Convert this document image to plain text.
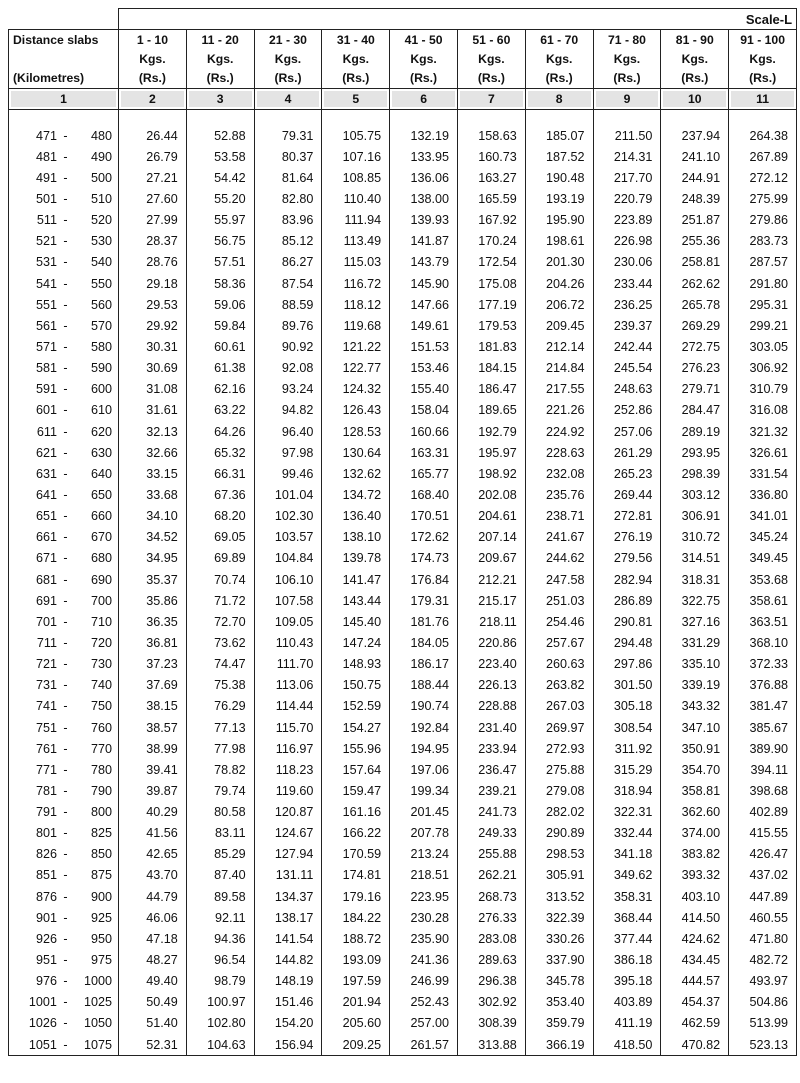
	Scale-L									
Distance slabs	1 - 10	11 - 20	21 - 30	31 - 40	41 - 50	51 - 60	61 - 70	71 - 80	81 - 90	91 - 100
	Kgs.	Kgs.	Kgs.	Kgs.	Kgs.	Kgs.	Kgs.	Kgs.	Kgs.	Kgs.
(Kilometres)	(Rs.)	(Rs.)	(Rs.)	(Rs.)	(Rs.)	(Rs.)	(Rs.)	(Rs.)	(Rs.)	(Rs.)
1	2	3	4	5	6	7	8	9	10	11

471 - 480	26.44	52.88	79.31	105.75	132.19	158.63	185.07	211.50	237.94	264.38

481 - 490	26.79	53.58	80.37	107.16	133.95	160.73	187.52	214.31	241.10	267.89

491 - 500	27.21	54.42	81.64	108.85	136.06	163.27	190.48	217.70	244.91	272.12

501 - 510	27.60	55.20	82.80	110.40	138.00	165.59	193.19	220.79	248.39	275.99

511 - 520	27.99	55.97	83.96	111.94	139.93	167.92	195.90	223.89	251.87	279.86

521 - 530	28.37	56.75	85.12	113.49	141.87	170.24	198.61	226.98	255.36	283.73

531 - 540	28.76	57.51	86.27	115.03	143.79	172.54	201.30	230.06	258.81	287.57

541 - 550	29.18	58.36	87.54	116.72	145.90	175.08	204.26	233.44	262.62	291.80

551 - 560	29.53	59.06	88.59	118.12	147.66	177.19	206.72	236.25	265.78	295.31

561 - 570	29.92	59.84	89.76	119.68	149.61	179.53	209.45	239.37	269.29	299.21

571 - 580	30.31	60.61	90.92	121.22	151.53	181.83	212.14	242.44	272.75	303.05

581 - 590	30.69	61.38	92.08	122.77	153.46	184.15	214.84	245.54	276.23	306.92

591 - 600	31.08	62.16	93.24	124.32	155.40	186.47	217.55	248.63	279.71	310.79

601 - 610	31.61	63.22	94.82	126.43	158.04	189.65	221.26	252.86	284.47	316.08

611 - 620	32.13	64.26	96.40	128.53	160.66	192.79	224.92	257.06	289.19	321.32

621 - 630	32.66	65.32	97.98	130.64	163.31	195.97	228.63	261.29	293.95	326.61

631 - 640	33.15	66.31	99.46	132.62	165.77	198.92	232.08	265.23	298.39	331.54

641 - 650	33.68	67.36	101.04	134.72	168.40	202.08	235.76	269.44	303.12	336.80

651 - 660	34.10	68.20	102.30	136.40	170.51	204.61	238.71	272.81	306.91	341.01

661 - 670	34.52	69.05	103.57	138.10	172.62	207.14	241.67	276.19	310.72	345.24

671 - 680	34.95	69.89	104.84	139.78	174.73	209.67	244.62	279.56	314.51	349.45

681 - 690	35.37	70.74	106.10	141.47	176.84	212.21	247.58	282.94	318.31	353.68

691 - 700	35.86	71.72	107.58	143.44	179.31	215.17	251.03	286.89	322.75	358.61

701 - 710	36.35	72.70	109.05	145.40	181.76	218.11	254.46	290.81	327.16	363.51

711 - 720	36.81	73.62	110.43	147.24	184.05	220.86	257.67	294.48	331.29	368.10

721 - 730	37.23	74.47	111.70	148.93	186.17	223.40	260.63	297.86	335.10	372.33

731 - 740	37.69	75.38	113.06	150.75	188.44	226.13	263.82	301.50	339.19	376.88

741 - 750	38.15	76.29	114.44	152.59	190.74	228.88	267.03	305.18	343.32	381.47

751 - 760	38.57	77.13	115.70	154.27	192.84	231.40	269.97	308.54	347.10	385.67

761 - 770	38.99	77.98	116.97	155.96	194.95	233.94	272.93	311.92	350.91	389.90

771 - 780	39.41	78.82	118.23	157.64	197.06	236.47	275.88	315.29	354.70	394.11

781 - 790	39.87	79.74	119.60	159.47	199.34	239.21	279.08	318.94	358.81	398.68

791 - 800	40.29	80.58	120.87	161.16	201.45	241.73	282.02	322.31	362.60	402.89

801 - 825	41.56	83.11	124.67	166.22	207.78	249.33	290.89	332.44	374.00	415.55

826 - 850	42.65	85.29	127.94	170.59	213.24	255.88	298.53	341.18	383.82	426.47

851 - 875	43.70	87.40	131.11	174.81	218.51	262.21	305.91	349.62	393.32	437.02

876 - 900	44.79	89.58	134.37	179.16	223.95	268.73	313.52	358.31	403.10	447.89

901 - 925	46.06	92.11	138.17	184.22	230.28	276.33	322.39	368.44	414.50	460.55

926 - 950	47.18	94.36	141.54	188.72	235.90	283.08	330.26	377.44	424.62	471.80

951 - 975	48.27	96.54	144.82	193.09	241.36	289.63	337.90	386.18	434.45	482.72

976 - 1000	49.40	98.79	148.19	197.59	246.99	296.38	345.78	395.18	444.57	493.97

1001 - 1025	50.49	100.97	151.46	201.94	252.43	302.92	353.40	403.89	454.37	504.86

1026 - 1050	51.40	102.80	154.20	205.60	257.00	308.39	359.79	411.19	462.59	513.99

1051 - 1075	52.31	104.63	156.94	209.25	261.57	313.88	366.19	418.50	470.82	523.13
